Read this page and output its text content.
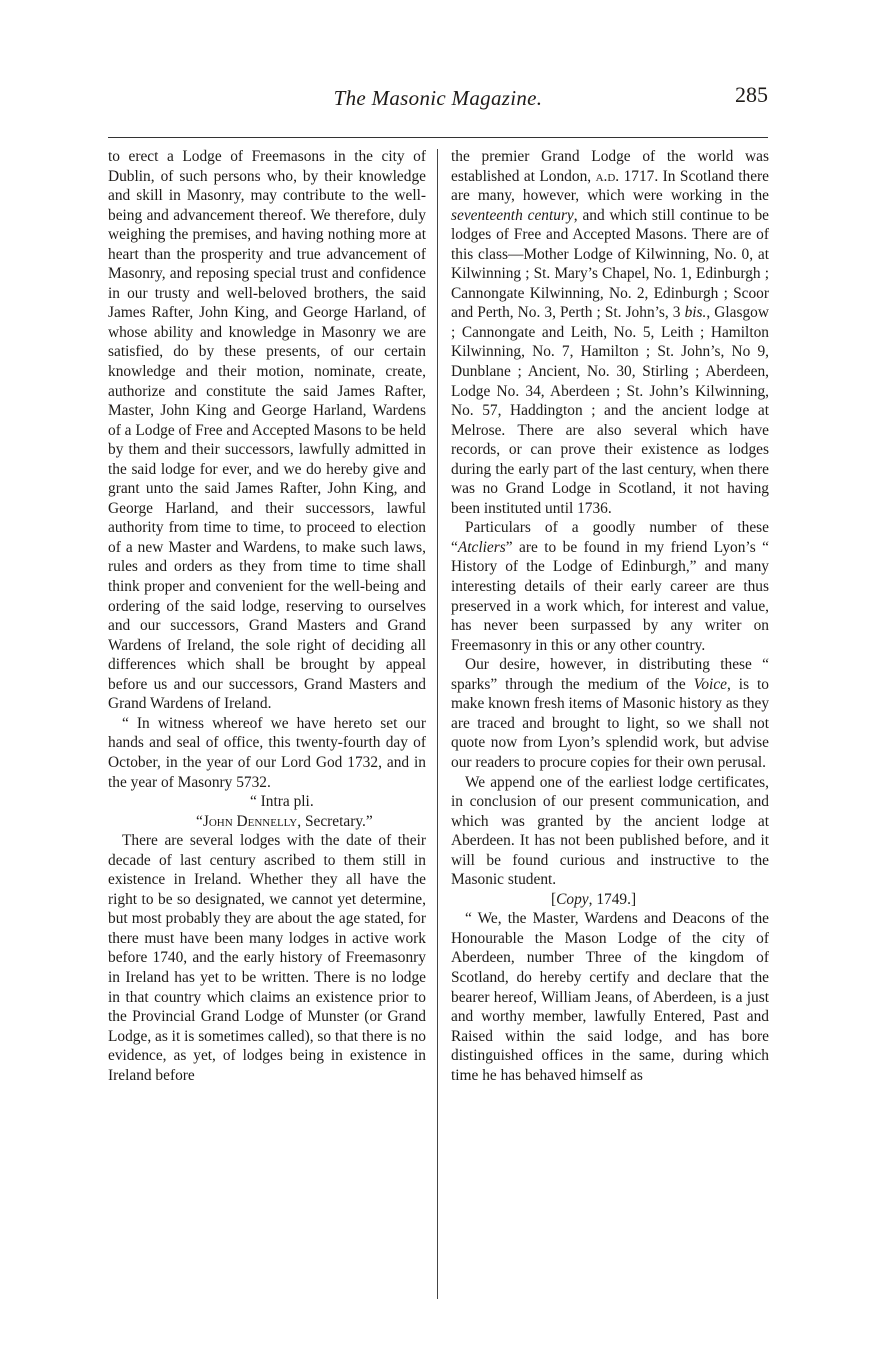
The Masonic Magazine.	285

to erect a Lodge of Freemasons in the city of Dublin, of such persons who, by their knowledge and skill in Masonry, may contribute to the well-being and advancement thereof. We therefore, duly weighing the premises, and having nothing more at heart than the prosperity and true advancement of Masonry, and reposing special trust and confidence in our trusty and well-beloved brothers, the said James Rafter, John King, and George Harland, of whose ability and knowledge in Masonry we are satisfied, do by these presents, of our certain knowledge and their motion, nominate, create, authorize and constitute the said James Rafter, Master, John King and George Harland, Wardens of a Lodge of Free and Accepted Masons to be held by them and their successors, lawfully admitted in the said lodge for ever, and we do hereby give and grant unto the said James Rafter, John King, and George Harland, and their successors, lawful authority from time to time, to proceed to election of a new Master and Wardens, to make such laws, rules and orders as they from time to time shall think proper and convenient for the well-being and ordering of the said lodge, reserving to ourselves and our successors, Grand Masters and Grand Wardens of Ireland, the sole right of deciding all differences which shall be brought by appeal before us and our successors, Grand Masters and Grand Wardens of Ireland.

“ In witness whereof we have hereto set our hands and seal of office, this twenty-fourth day of October, in the year of our Lord God 1732, and in the year of Masonry 5732.

“ Intra pli.

“John Dennelly, Secretary.”

There are several lodges with the date of their decade of last century ascribed to them still in existence in Ireland. Whether they all have the right to be so designated, we cannot yet determine, but most probably they are about the age stated, for there must have been many lodges in active work before 1740, and the early history of Freemasonry in Ireland has yet to be written. There is no lodge in that country which claims an existence prior to the Provincial Grand Lodge of Munster (or Grand Lodge, as it is sometimes called), so that there is no evidence, as yet, of lodges being in existence in Ireland before

the premier Grand Lodge of the world was established at London, a.d. 1717. In Scotland there are many, however, which were working in the seventeenth century, and which still continue to be lodges of Free and Accepted Masons. There are of this class—Mother Lodge of Kilwinning, No. 0, at Kilwinning ; St. Mary’s Chapel, No. 1, Edinburgh ; Cannongate Kilwinning, No. 2, Edinburgh ; Scoor and Perth, No. 3, Perth ; St. John’s, 3 bis., Glasgow ; Cannongate and Leith, No. 5, Leith ; Hamilton Kilwinning, No. 7, Hamilton ; St. John’s, No 9, Dunblane ; Ancient, No. 30, Stirling ; Aberdeen, Lodge No. 34, Aberdeen ; St. John’s Kilwinning, No. 57, Haddington ; and the ancient lodge at Melrose. There are also several which have records, or can prove their existence as lodges during the early part of the last century, when there was no Grand Lodge in Scotland, it not having been instituted until 1736.

Particulars of a goodly number of these “Atcliers” are to be found in my friend Lyon’s “ History of the Lodge of Edinburgh,” and many interesting details of their early career are thus preserved in a work which, for interest and value, has never been surpassed by any writer on Freemasonry in this or any other country.

Our desire, however, in distributing these “ sparks” through the medium of the Voice, is to make known fresh items of Masonic history as they are traced and brought to light, so we shall not quote now from Lyon’s splendid work, but advise our readers to procure copies for their own perusal.

We append one of the earliest lodge certificates, in conclusion of our present communication, and which was granted by the ancient lodge at Aberdeen. It has not been published before, and it will be found curious and instructive to the Masonic student.

[Copy, 1749.]

“ We, the Master, Wardens and Deacons of the Honourable the Mason Lodge of the city of Aberdeen, number Three of the kingdom of Scotland, do hereby certify and declare that the bearer hereof, William Jeans, of Aberdeen, is a just and worthy member, lawfully Entered, Past and Raised within the said lodge, and has bore distinguished offices in the same, during which time he has behaved himself as
